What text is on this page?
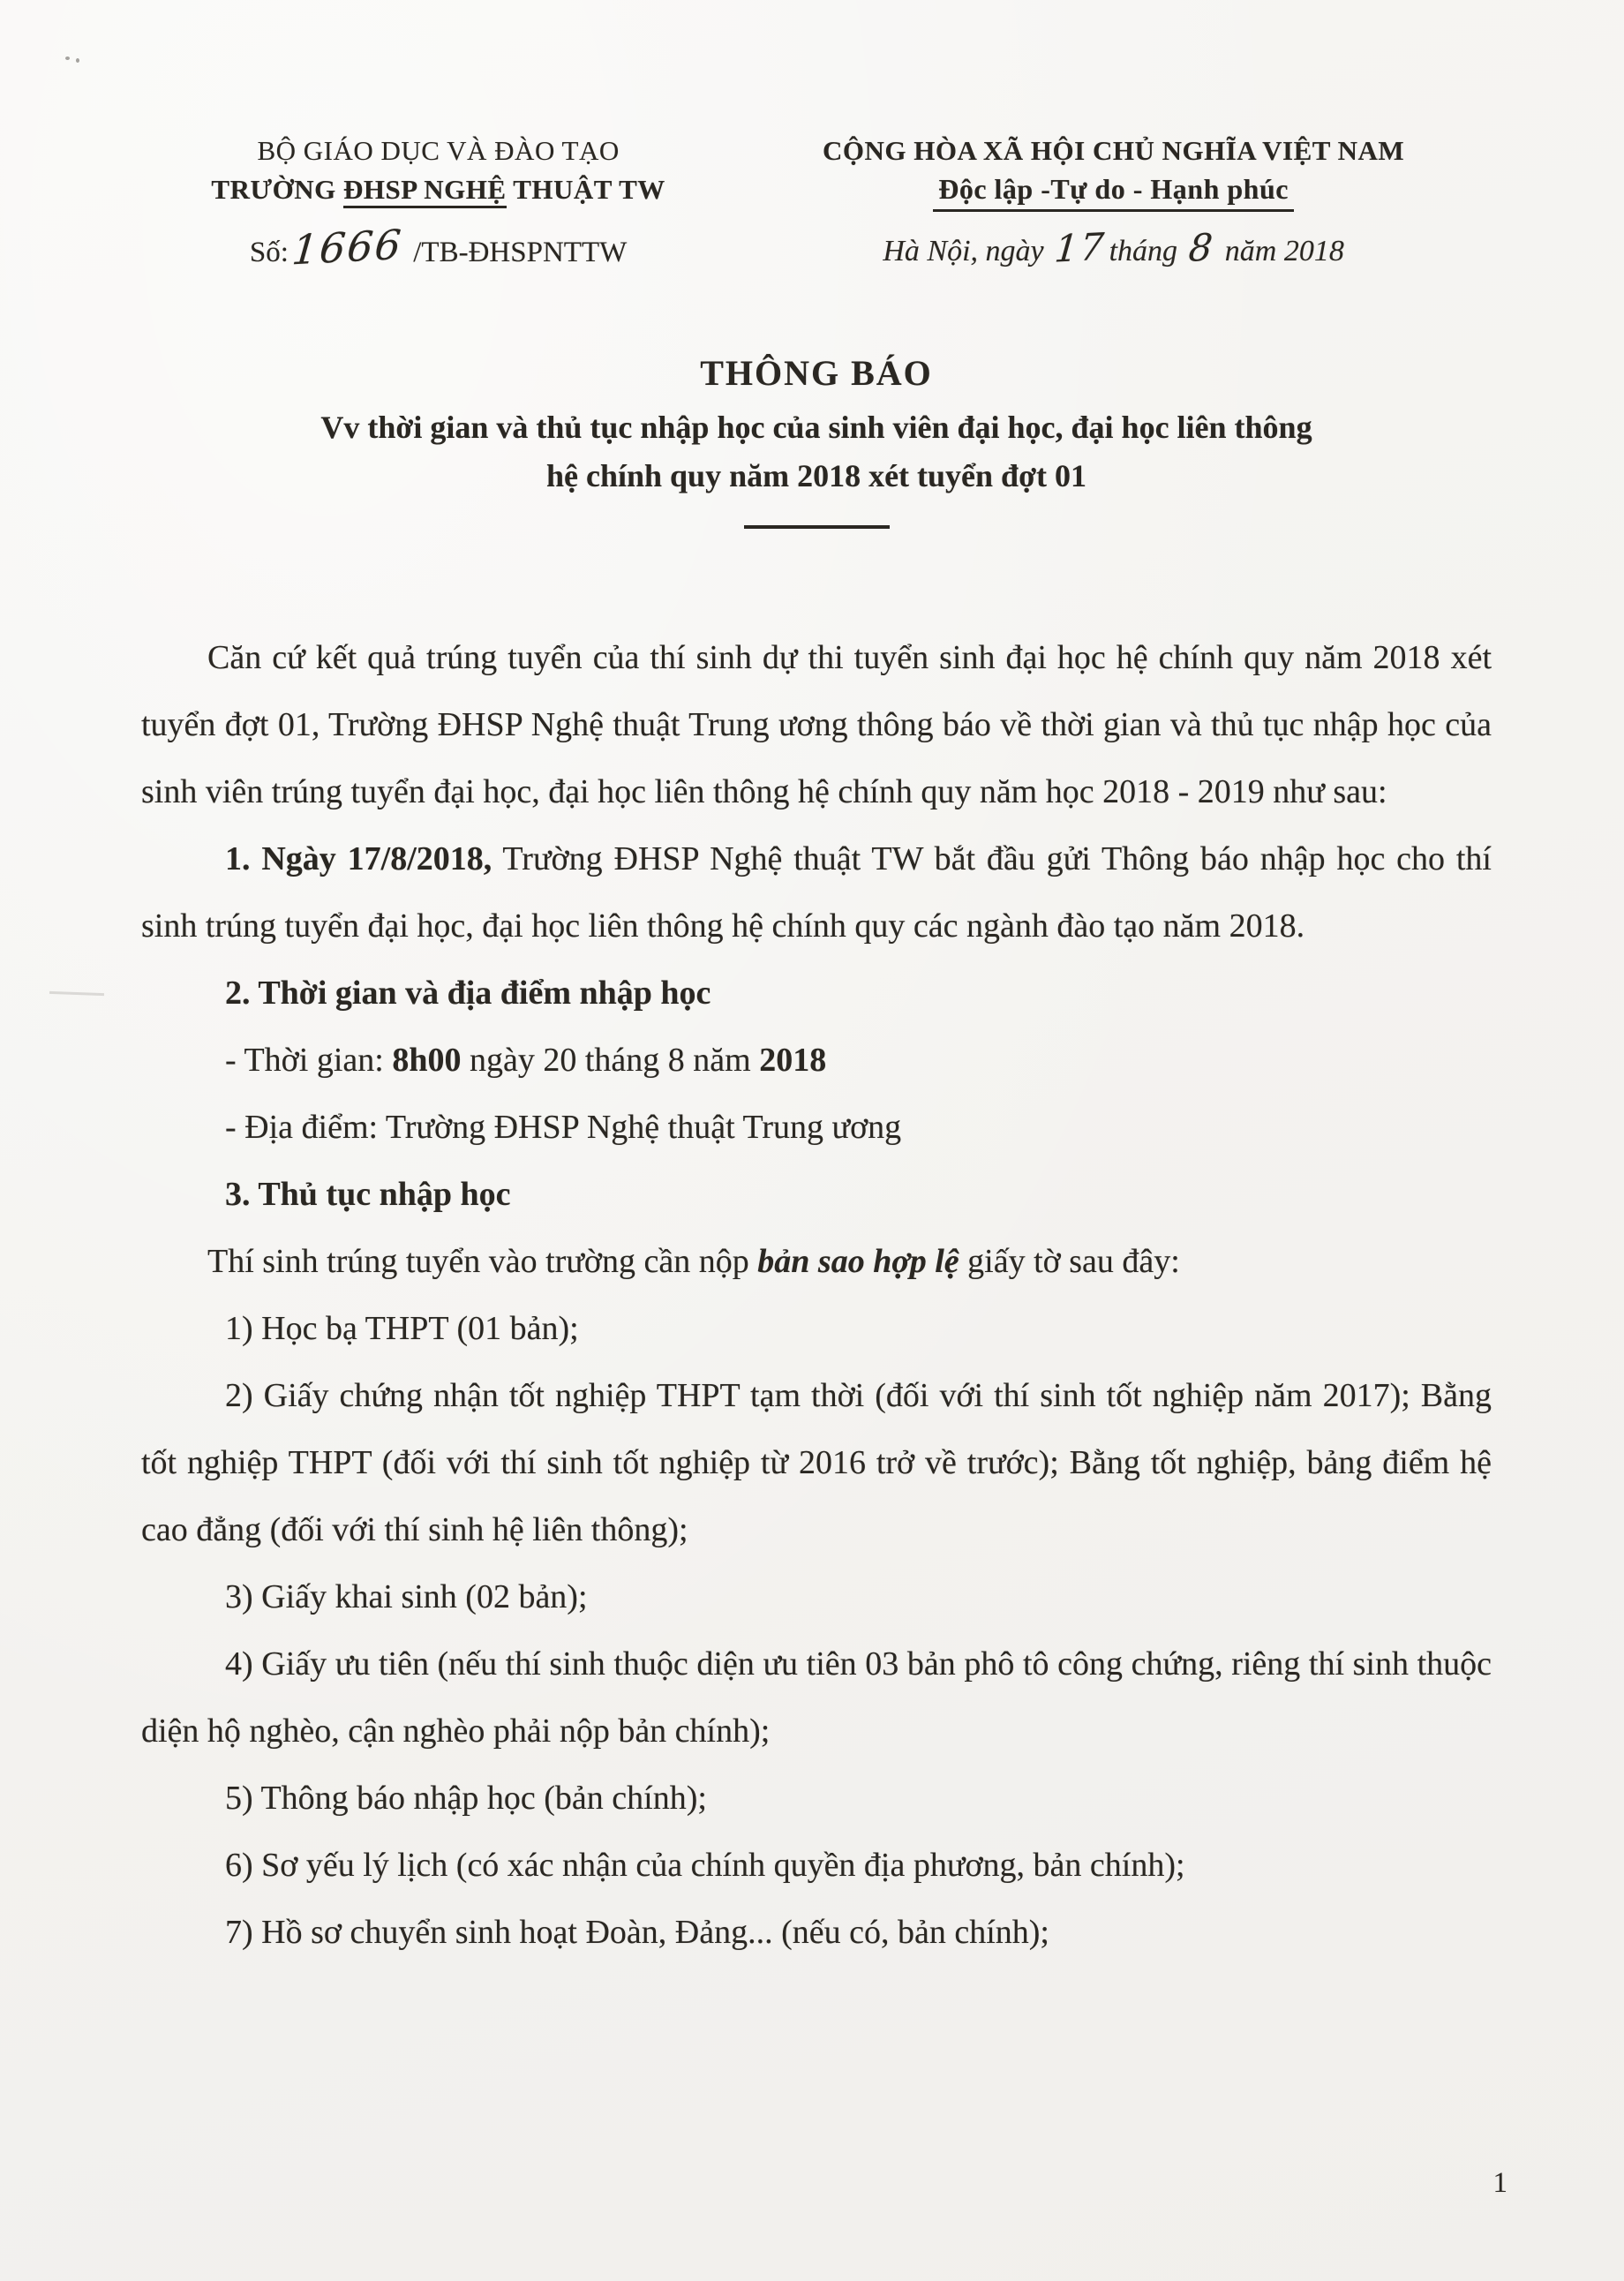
BỘ GIÁO DỤC VÀ ĐÀO TẠO
TRƯỜNG ĐHSP NGHỆ THUẬT TW
Số:1666 /TB-ĐHSPNTTW
CỘNG HÒA XÃ HỘI CHỦ NGHĨA VIỆT NAM
Độc lập -Tự do - Hạnh phúc
Hà Nội, ngày 17tháng 8 năm 2018
THÔNG BÁO
Vv thời gian và thủ tục nhập học của sinh viên đại học, đại học liên thông
hệ chính quy năm 2018 xét tuyển đợt 01

Căn cứ kết quả trúng tuyển của thí sinh dự thi tuyển sinh đại học hệ chính quy năm 2018 xét tuyển đợt 01, Trường ĐHSP Nghệ thuật Trung ương thông báo về thời gian và thủ tục nhập học của sinh viên trúng tuyển đại học, đại học liên thông hệ chính quy năm học 2018 - 2019 như sau:

1. Ngày 17/8/2018, Trường ĐHSP Nghệ thuật TW bắt đầu gửi Thông báo nhập học cho thí sinh trúng tuyển đại học, đại học liên thông hệ chính quy các ngành đào tạo năm 2018.

2. Thời gian và địa điểm nhập học

- Thời gian: 8h00 ngày 20 tháng 8 năm 2018

- Địa điểm: Trường ĐHSP Nghệ thuật Trung ương

3. Thủ tục nhập học

Thí sinh trúng tuyển vào trường cần nộp bản sao hợp lệ giấy tờ sau đây:

1) Học bạ THPT (01 bản);

2) Giấy chứng nhận tốt nghiệp THPT tạm thời (đối với thí sinh tốt nghiệp năm 2017); Bằng tốt nghiệp THPT (đối với thí sinh tốt nghiệp từ 2016 trở về trước); Bằng tốt nghiệp, bảng điểm hệ cao đẳng (đối với thí sinh hệ liên thông);

3) Giấy khai sinh (02 bản);

4) Giấy ưu tiên (nếu thí sinh thuộc diện ưu tiên 03 bản phô tô công chứng, riêng thí sinh thuộc diện hộ nghèo, cận nghèo phải nộp bản chính);

5) Thông báo nhập học (bản chính);

6) Sơ yếu lý lịch (có xác nhận của chính quyền địa phương, bản chính);

7) Hồ sơ chuyển sinh hoạt Đoàn, Đảng... (nếu có, bản chính);

1
